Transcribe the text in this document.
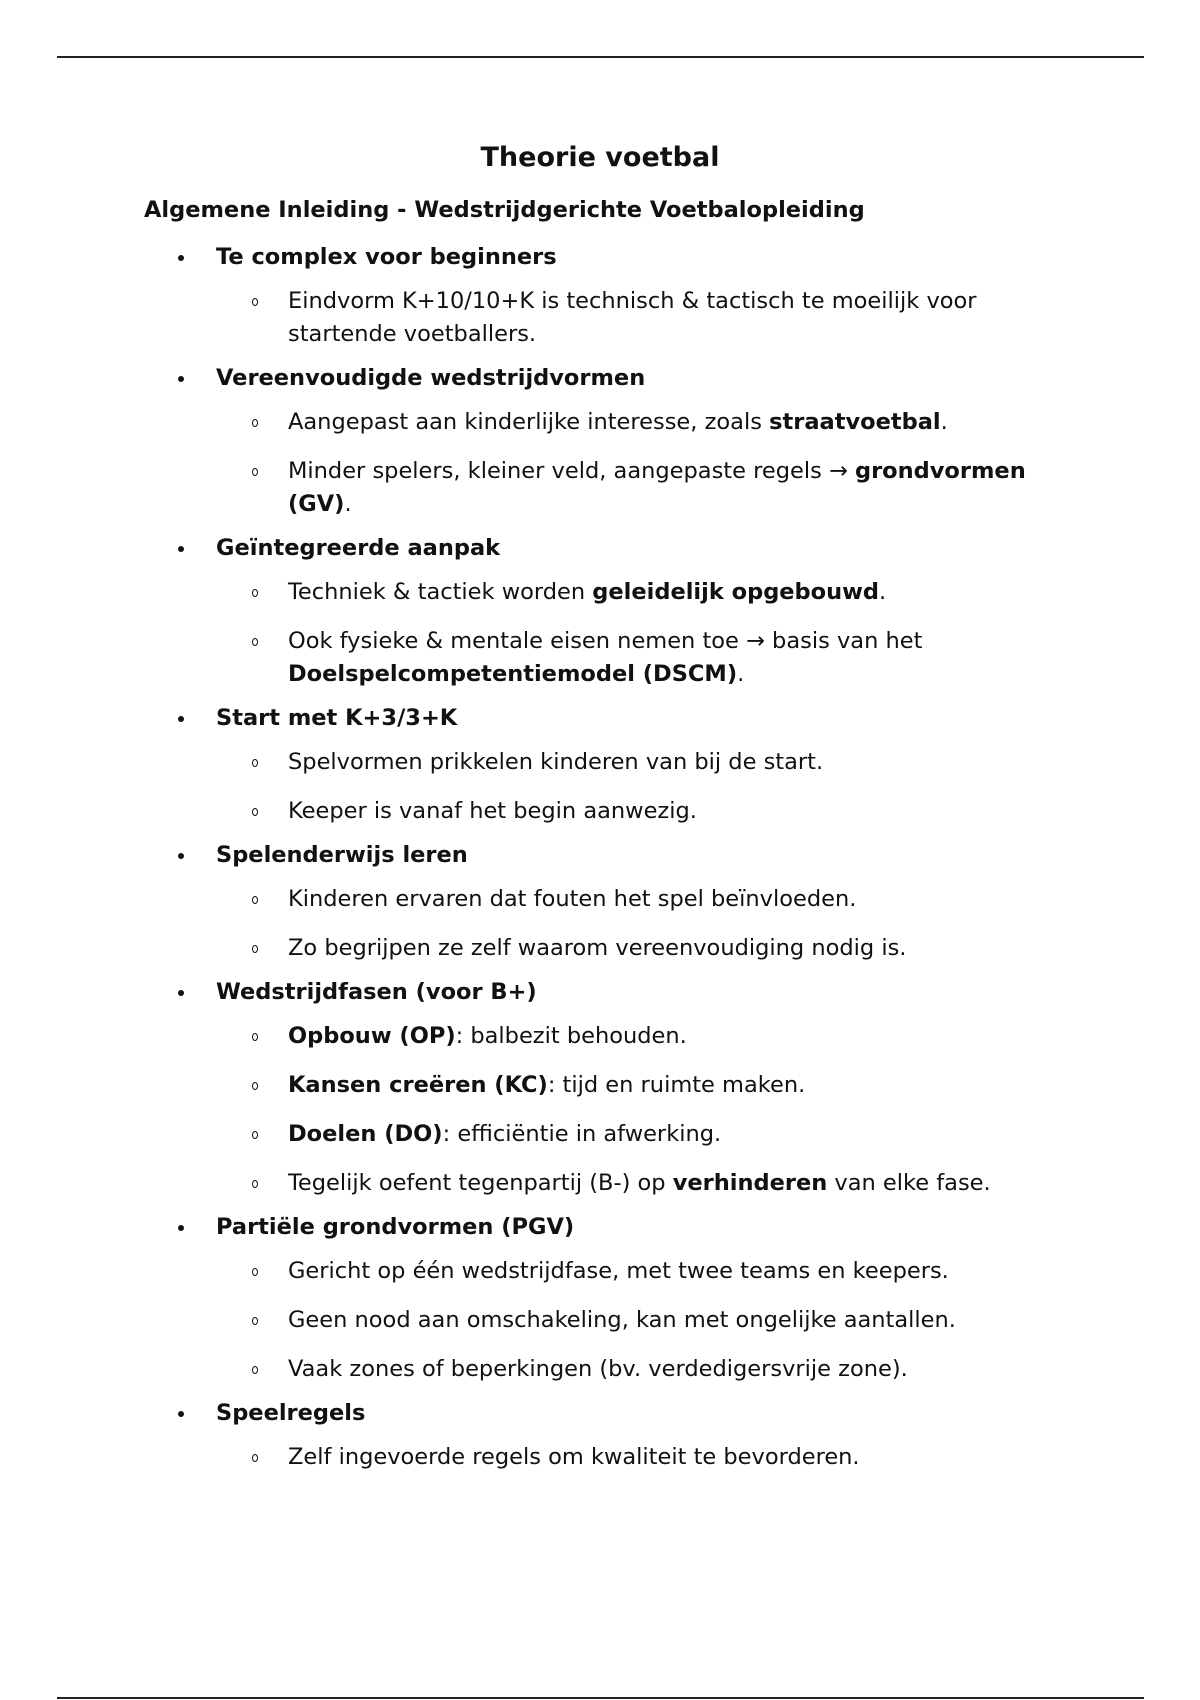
Theorie voetbal
Algemene Inleiding - Wedstrijdgerichte Voetbalopleiding
Te complex voor beginners
Eindvorm K+10/10+K is technisch & tactisch te moeilijk voor startende voetballers.
Vereenvoudigde wedstrijdvormen
Aangepast aan kinderlijke interesse, zoals straatvoetbal.
Minder spelers, kleiner veld, aangepaste regels → grondvormen (GV).
Geïntegreerde aanpak
Techniek & tactiek worden geleidelijk opgebouwd.
Ook fysieke & mentale eisen nemen toe → basis van het Doelspelcompetentiemodel (DSCM).
Start met K+3/3+K
Spelvormen prikkelen kinderen van bij de start.
Keeper is vanaf het begin aanwezig.
Spelenderwijs leren
Kinderen ervaren dat fouten het spel beïnvloeden.
Zo begrijpen ze zelf waarom vereenvoudiging nodig is.
Wedstrijdfasen (voor B+)
Opbouw (OP): balbezit behouden.
Kansen creëren (KC): tijd en ruimte maken.
Doelen (DO): efficiëntie in afwerking.
Tegelijk oefent tegenpartij (B-) op verhinderen van elke fase.
Partiële grondvormen (PGV)
Gericht op één wedstrijdfase, met twee teams en keepers.
Geen nood aan omschakeling, kan met ongelijke aantallen.
Vaak zones of beperkingen (bv. verdedigersvrije zone).
Speelregels
Zelf ingevoerde regels om kwaliteit te bevorderen.
